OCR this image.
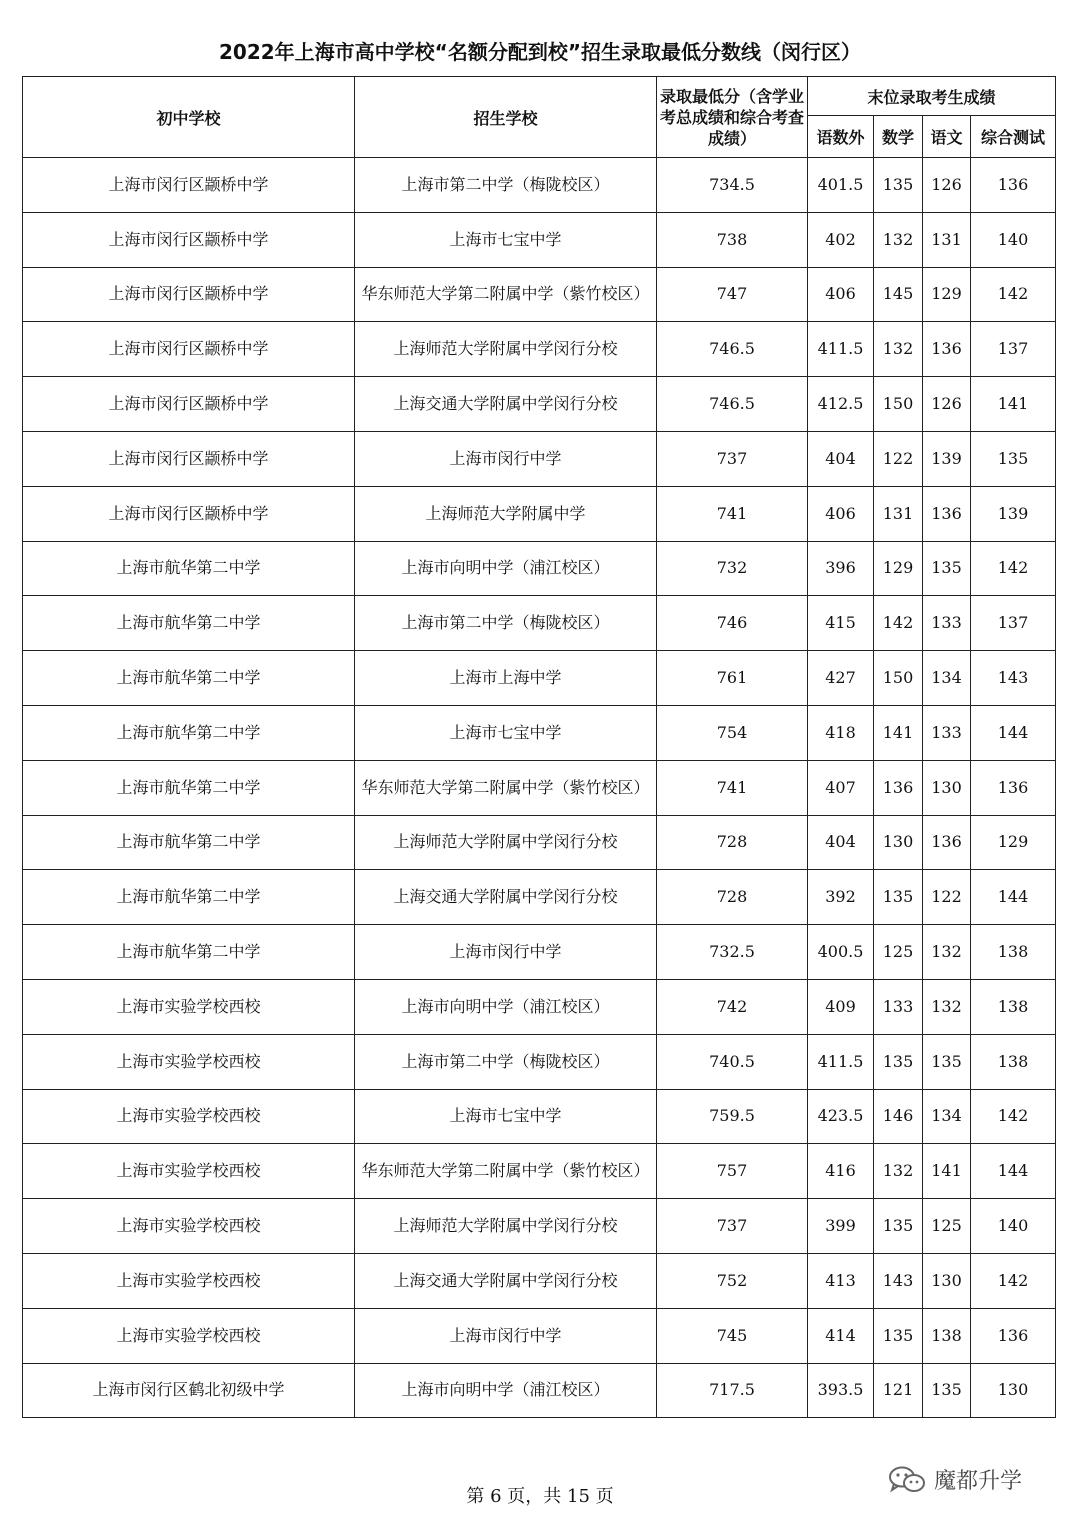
2022年上海市高中学校“名额分配到校”招生录取最低分数线（闵行区）
初中学校	招生学校	录取最低分（含学业考总成绩和综合考查成绩）	末位录取考生成绩			
			语数外	数学	语文	综合测试
上海市闵行区颛桥中学	上海市第二中学（梅陇校区）	734.5	401.5	135	126	136
上海市闵行区颛桥中学	上海市七宝中学	738	402	132	131	140
上海市闵行区颛桥中学	华东师范大学第二附属中学（紫竹校区）	747	406	145	129	142
上海市闵行区颛桥中学	上海师范大学附属中学闵行分校	746.5	411.5	132	136	137
上海市闵行区颛桥中学	上海交通大学附属中学闵行分校	746.5	412.5	150	126	141
上海市闵行区颛桥中学	上海市闵行中学	737	404	122	139	135
上海市闵行区颛桥中学	上海师范大学附属中学	741	406	131	136	139
上海市航华第二中学	上海市向明中学（浦江校区）	732	396	129	135	142
上海市航华第二中学	上海市第二中学（梅陇校区）	746	415	142	133	137
上海市航华第二中学	上海市上海中学	761	427	150	134	143
上海市航华第二中学	上海市七宝中学	754	418	141	133	144
上海市航华第二中学	华东师范大学第二附属中学（紫竹校区）	741	407	136	130	136
上海市航华第二中学	上海师范大学附属中学闵行分校	728	404	130	136	129
上海市航华第二中学	上海交通大学附属中学闵行分校	728	392	135	122	144
上海市航华第二中学	上海市闵行中学	732.5	400.5	125	132	138
上海市实验学校西校	上海市向明中学（浦江校区）	742	409	133	132	138
上海市实验学校西校	上海市第二中学（梅陇校区）	740.5	411.5	135	135	138
上海市实验学校西校	上海市七宝中学	759.5	423.5	146	134	142
上海市实验学校西校	华东师范大学第二附属中学（紫竹校区）	757	416	132	141	144
上海市实验学校西校	上海师范大学附属中学闵行分校	737	399	135	125	140
上海市实验学校西校	上海交通大学附属中学闵行分校	752	413	143	130	142
上海市实验学校西校	上海市闵行中学	745	414	135	138	136
上海市闵行区鹤北初级中学	上海市向明中学（浦江校区）	717.5	393.5	121	135	130
第 6 页，共 15 页
魔都升学
